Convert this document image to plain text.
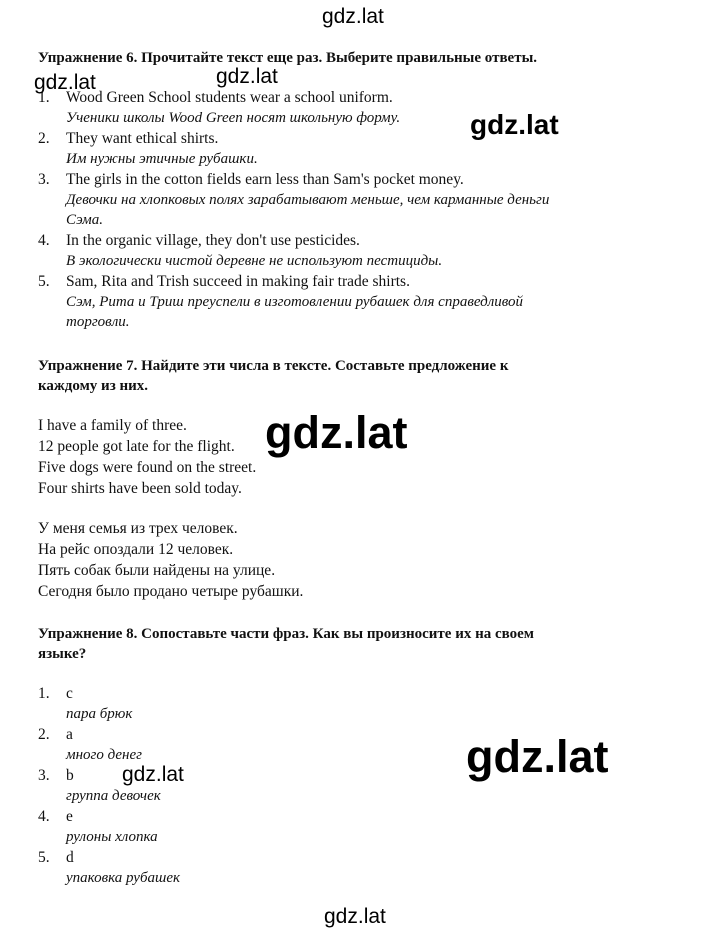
Упражнение 6. Прочитайте текст еще раз. Выберите правильные ответы.
1. Wood Green School students wear a school uniform.
Ученики школы Wood Green носят школьную форму.
2. They want ethical shirts.
Им нужны этичные рубашки.
3. The girls in the cotton fields earn less than Sam's pocket money.
Девочки на хлопковых полях зарабатывают меньше, чем карманные деньги
Сэма.
4. In the organic village, they don't use pesticides.
В экологически чистой деревне не используют пестициды.
5. Sam, Rita and Trish succeed in making fair trade shirts.
Сэм, Рита и Триш преуспели в изготовлении рубашек для справедливой
торговли.
Упражнение 7. Найдите эти числа в тексте. Составьте предложение к
каждому из них.
I have a family of three.
12 people got late for the flight.
Five dogs were found on the street.
Four shirts have been sold today.
У меня семья из трех человек.
На рейс опоздали 12 человек.
Пять собак были найдены на улице.
Сегодня было продано четыре рубашки.
Упражнение 8. Сопоставьте части фраз. Как вы произносите их на своем
языке?
1. c
пара брюк
2. a
много денег
3. b
группа девочек
4. e
рулоны хлопка
5. d
упаковка рубашек
gdz.lat
gdz.lat	gdz.lat
gdz.lat
gdz.lat
gdz.lat
gdz.lat
gdz.lat
